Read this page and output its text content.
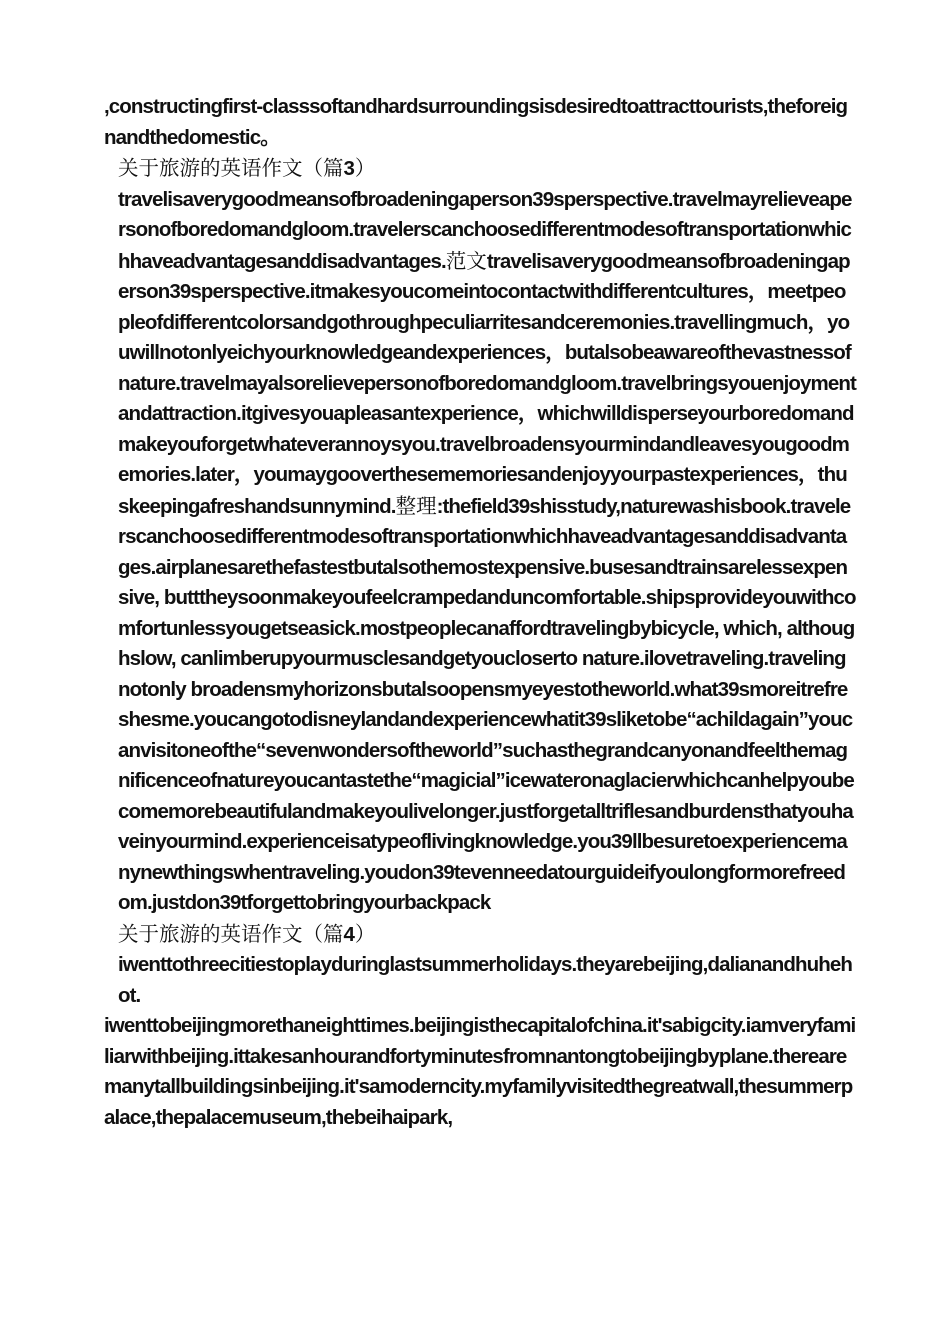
,constructingfirst-classsoftandhardsurroundingsisdesiredtoattracttourists,theforeignandthedomestic。

关于旅游的英语作文（篇3）

travelisaverygoodmeansofbroadeningaperson39sperspective.travelmayrelieveapersonofboredomandgloom.travelerscanchoosedifferentmodesoftransportationwhichhaveadvantagesanddisadvantages.范文travelisaverygoodmeansofbroadeningaperson39sperspective.itmakesyoucomeintocontactwithdifferentcultures，meetpeopleofdifferentcolorsandgothroughpeculiarritesandceremonies.travellingmuch，youwillnotonlyeichyourknowledgeandexperiences，butalsobeawareofthevastnessofnature.travelmayalsorelievepersonofboredomandgloom.travelbringsyouenjoymentandattraction.itgivesyouapleasantexperience，whichwilldisperseyourboredomandmakeyouforgetwhateverannoysyou.travelbroadensyourmindandleavesyougoodmemories.later，youmaygooverthesememoriesandenjoyyourpastexperiences，thuskeepingafreshandsunnymind.整理:thefield39shisstudy,naturewashisbook.travelerscanchoosedifferentmodesoftransportationwhichhaveadvantagesanddisadvantages.airplanesarethefastestbutalsothemostexpensive.busesandtrainsarelessexpensive, butttheysoonmakeyoufeelcrampedanduncomfortable.shipsprovideyouwithcomfortunlessyougetseasick.mostpeoplecanaffordtravelingbybicycle, which, althoughslow, canlimberupyourmusclesandgetyoucloserto nature.ilovetraveling.travelingnotonly broadensmyhorizonsbutalsoopensmyeyestotheworld.what39smoreitrefreshesme.youcangotodisneylandandexperiencewhatit39sliketobe“achildagain”youcanvisitoneofthe“sevenwondersoftheworld”suchasthegrandcanyonandfeelthemagnificenceofnatureyoucantastethe“magicial”icewateronaglacierwhichcanhelpyoubecomemorebeautifulandmakeyoulivelonger.justforgetalltriflesandburdensthatyouhaveinyourmind.experienceisatypeoflivingknowledge.you39llbesuretoexperiencemanynewthingswhentraveling.youdon39tevenneedatourguideifyoulongformorefreedom.justdon39tforgettobringyourbackpack

关于旅游的英语作文（篇4）

iwenttothreecitiestoplayduringlastsummerholidays.theyarebeijing,dalianandhuhehot.

iwenttobeijingmorethaneighttimes.beijingisthecapitalofchina.it'sabigcity.iamveryfamiliarwithbeijing.ittakesanhourandfortyminutesfromnantongtobeijingbyplane.therearemanytallbuildingsinbeijing.it'samoderncity.myfamilyvisitedthegreatwall,thesummerpalace,thepalacemuseum,thebeihaipark,
